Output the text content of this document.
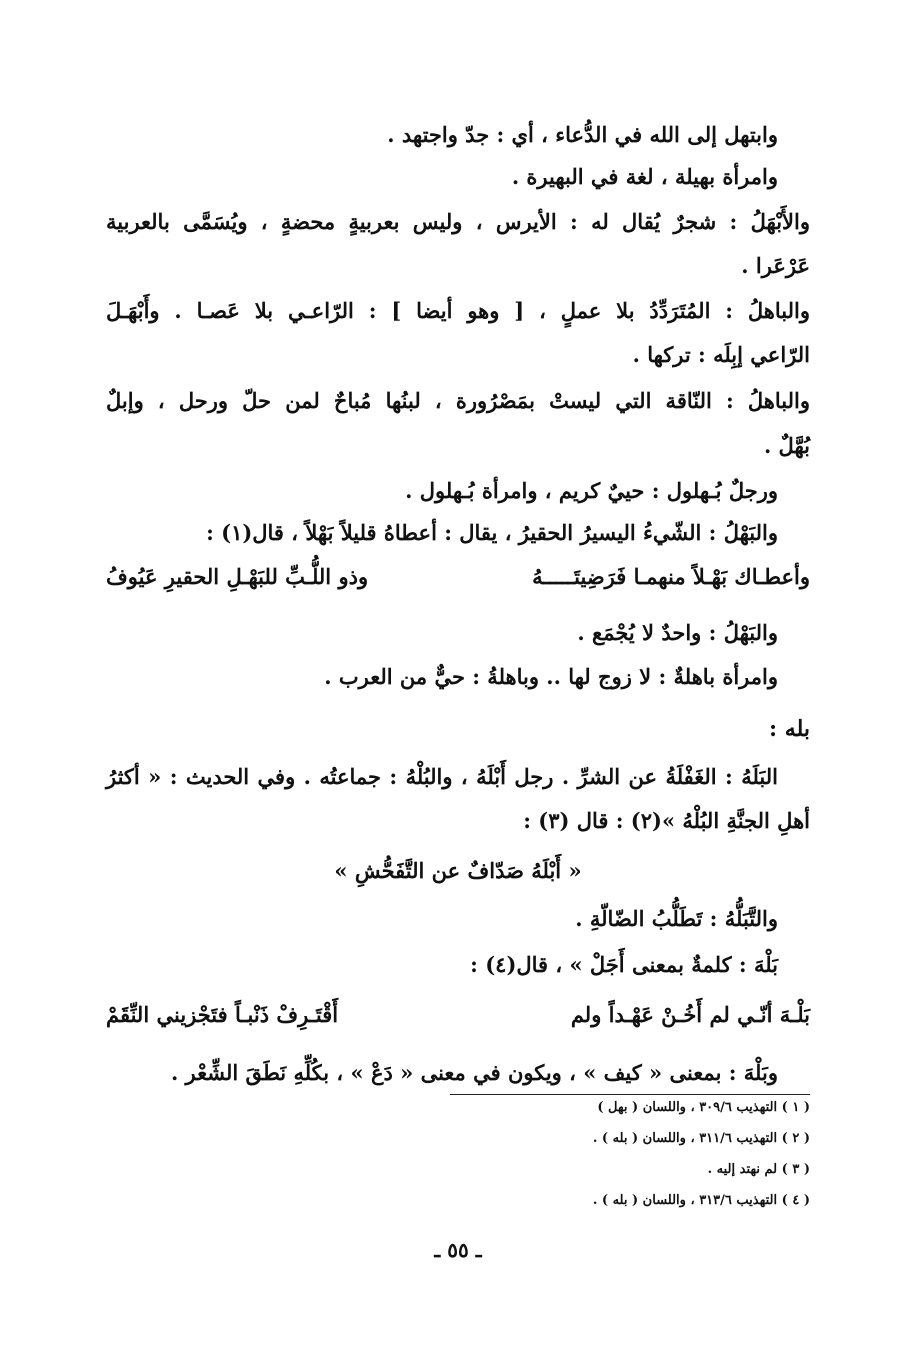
وابتهل إلى الله في الدُّعاء ، أي : جدّ واجتهد .
وامرأة بهيلة ، لغة في البهيرة .
والأَبْهَلُ : شجرٌ يُقال له : الأيرس ، وليس بعربيةٍ محضةٍ ، ويُسَمَّى بالعربية
عَرْعَرا .
والباهلُ : المُتَرَدِّدُ بلا عملٍ ، [ وهو أيضا ] : الرّاعـي بلا عَصـا . وأَبْهَـلَ
الرّاعي إبِلَه : تركها .
والباهلُ : النّاقة التي ليستْ بمَصْرُورة ، لبنُها مُباحٌ لمن حلّ ورحل ، وإبلٌ
بُهَّلٌ .
ورجلٌ بُـهلول : حييٌ كريم ، وامرأة بُـهلول .
والبَهْلُ : الشّيءُ اليسيرُ الحقيرُ ، يقال : أعطاهُ قليلاً بَهْلاً ، قال(١) :
وأعطـاك بَهْـلاً منهمـا فَرَضِيتَـــــهُ
وذو اللُّـبِّ للبَهْـلِ الحقيرِ عَيُوفُ
والبَهْلُ : واحدٌ لا يُجْمَع .
وامرأة باهلةٌ : لا زوج لها .. وباهلةُ : حيٌّ من العرب .
بله :
البَلَهُ : الغَفْلَةُ عن الشرِّ . رجل أَبْلَهُ ، والبُلْهُ : جماعتُه . وفي الحديث : « أكثرُ
أهلِ الجنَّةِ البُلْهُ »(٢) : قال (٣) :
« أَبْلَهُ صَدّافٌ عن التَّفَحُّشِ »
والتَّبَلُّهُ : تَطَلُّبُ الضّالّةِ .
بَلْهَ : كلمةٌ بمعنى أَجَلْ » ، قال(٤) :
بَلْـهَ أنّـي لم أَخُـنْ عَهْـداً ولم
أَقْتَـرِفْ ذَنْبـاً فتَجْزيني النِّقَمْ
وبَلْهَ : بمعنى « كيف » ، ويكون في معنى « دَعْ » ، بكُلِّهِ نَطَقَ الشِّعْر .
( ١ ) التهذيب ٣٠٩/٦ ، واللسان ( بهل )
( ٢ ) التهذيب ٣١١/٦ ، واللسان ( بله ) .
( ٣ ) لم نهتد إليه .
( ٤ ) التهذيب ٣١٣/٦ ، واللسان ( بله ) .
ـ ٥٥ ـ
